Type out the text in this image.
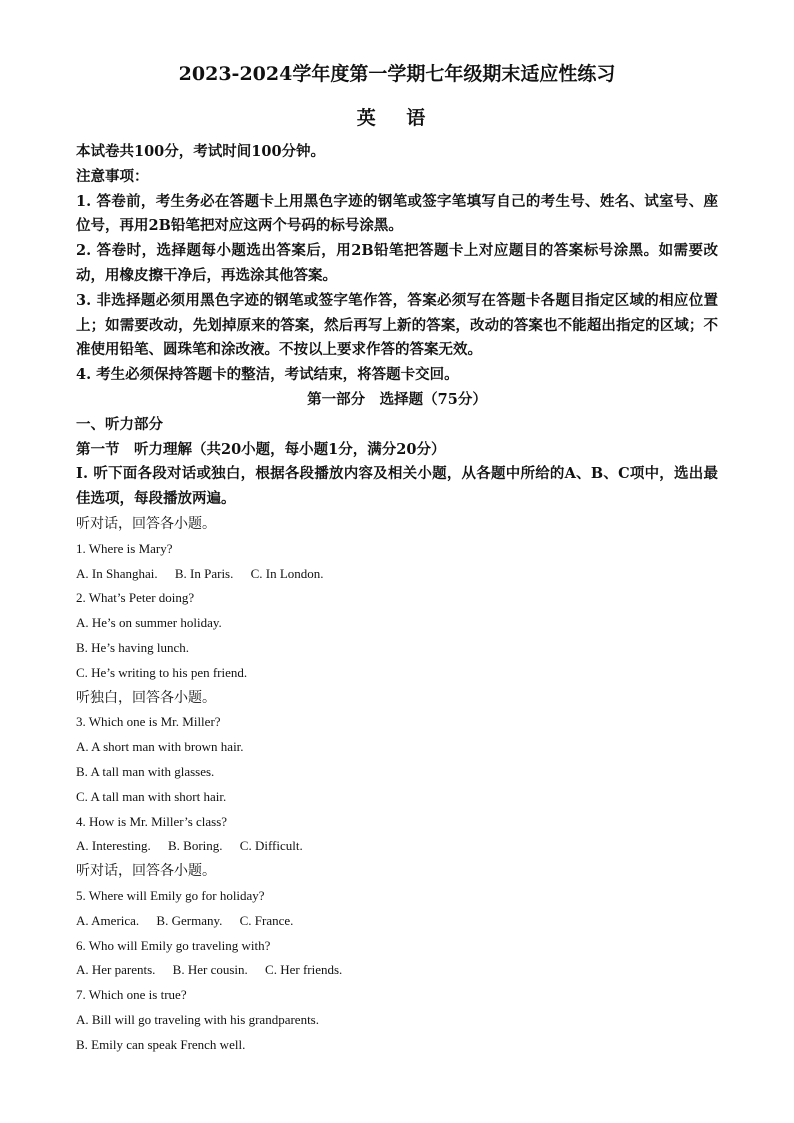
2023-2024学年度第一学期七年级期末适应性练习

英 语

本试卷共100分，考试时间100分钟。

注意事项：

1. 答卷前，考生务必在答题卡上用黑色字迹的钢笔或签字笔填写自己的考生号、姓名、试室号、座位号，再用2B铅笔把对应这两个号码的标号涂黑。

2. 答卷时，选择题每小题选出答案后，用2B铅笔把答题卡上对应题目的答案标号涂黑。如需要改动，用橡皮擦干净后，再选涂其他答案。

3. 非选择题必须用黑色字迹的钢笔或签字笔作答，答案必须写在答题卡各题目指定区域的相应位置上；如需要改动，先划掉原来的答案，然后再写上新的答案，改动的答案也不能超出指定的区域；不准使用铅笔、圆珠笔和涂改液。不按以上要求作答的答案无效。

4. 考生必须保持答题卡的整洁，考试结束，将答题卡交回。

第一部分　选择题（75分）

一、听力部分

第一节　听力理解（共20小题，每小题1分，满分20分）

Ⅰ. 听下面各段对话或独白，根据各段播放内容及相关小题，从各题中所给的A、B、C项中，选出最佳选项，每段播放两遍。

听对话，回答各小题。

1. Where is Mary?

A. In Shanghai. B. In Paris. C. In London.

2. What’s Peter doing?

A. He’s on summer holiday.

B. He’s having lunch.

C. He’s writing to his pen friend.

听独白，回答各小题。

3. Which one is Mr. Miller?

A. A short man with brown hair.

B. A tall man with glasses.

C. A tall man with short hair.

4. How is Mr. Miller’s class?

A. Interesting. B. Boring. C. Difficult.

听对话，回答各小题。

5. Where will Emily go for holiday?

A. America. B. Germany. C. France.

6. Who will Emily go traveling with?

A. Her parents. B. Her cousin. C. Her friends.

7. Which one is true?

A. Bill will go traveling with his grandparents.

B. Emily can speak French well.
